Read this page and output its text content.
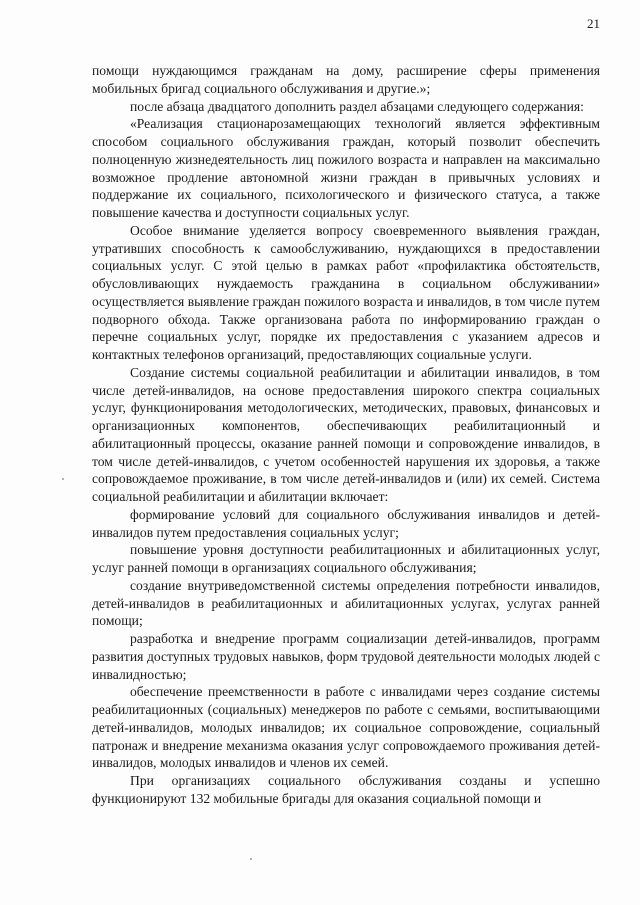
21

помощи нуждающимся гражданам на дому, расширение сферы применения мобильных бригад социального обслуживания и другие.»;

после абзаца двадцатого дополнить раздел абзацами следующего содержания:

«Реализация стационарозамещающих технологий является эффективным способом социального обслуживания граждан, который позволит обеспечить полноценную жизнедеятельность лиц пожилого возраста и направлен на максимально возможное продление автономной жизни граждан в привычных условиях и поддержание их социального, психологического и физического статуса, а также повышение качества и доступности социальных услуг.

Особое внимание уделяется вопросу своевременного выявления граждан, утративших способность к самообслуживанию, нуждающихся в предоставлении социальных услуг. С этой целью в рамках работ «профилактика обстоятельств, обусловливающих нуждаемость гражданина в социальном обслуживании» осуществляется выявление граждан пожилого возраста и инвалидов, в том числе путем подворного обхода. Также организована работа по информированию граждан о перечне социальных услуг, порядке их предоставления с указанием адресов и контактных телефонов организаций, предоставляющих социальные услуги.

Создание системы социальной реабилитации и абилитации инвалидов, в том числе детей-инвалидов, на основе предоставления широкого спектра социальных услуг, функционирования методологических, методических, правовых, финансовых и организационных компонентов, обеспечивающих реабилитационный и абилитационный процессы, оказание ранней помощи и сопровождение инвалидов, в том числе детей-инвалидов, с учетом особенностей нарушения их здоровья, а также сопровождаемое проживание, в том числе детей-инвалидов и (или) их семей. Система социальной реабилитации и абилитации включает:

формирование условий для социального обслуживания инвалидов и детей-инвалидов путем предоставления социальных услуг;

повышение уровня доступности реабилитационных и абилитационных услуг, услуг ранней помощи в организациях социального обслуживания;

создание внутриведомственной системы определения потребности инвалидов, детей-инвалидов в реабилитационных и абилитационных услугах, услугах ранней помощи;

разработка и внедрение программ социализации детей-инвалидов, программ развития доступных трудовых навыков, форм трудовой деятельности молодых людей с инвалидностью;

обеспечение преемственности в работе с инвалидами через создание системы реабилитационных (социальных) менеджеров по работе с семьями, воспитывающими детей-инвалидов, молодых инвалидов; их социальное сопровождение, социальный патронаж и внедрение механизма оказания услуг сопровождаемого проживания детей-инвалидов, молодых инвалидов и членов их семей.

При организациях социального обслуживания созданы и успешно функционируют 132 мобильные бригады для оказания социальной помощи и
